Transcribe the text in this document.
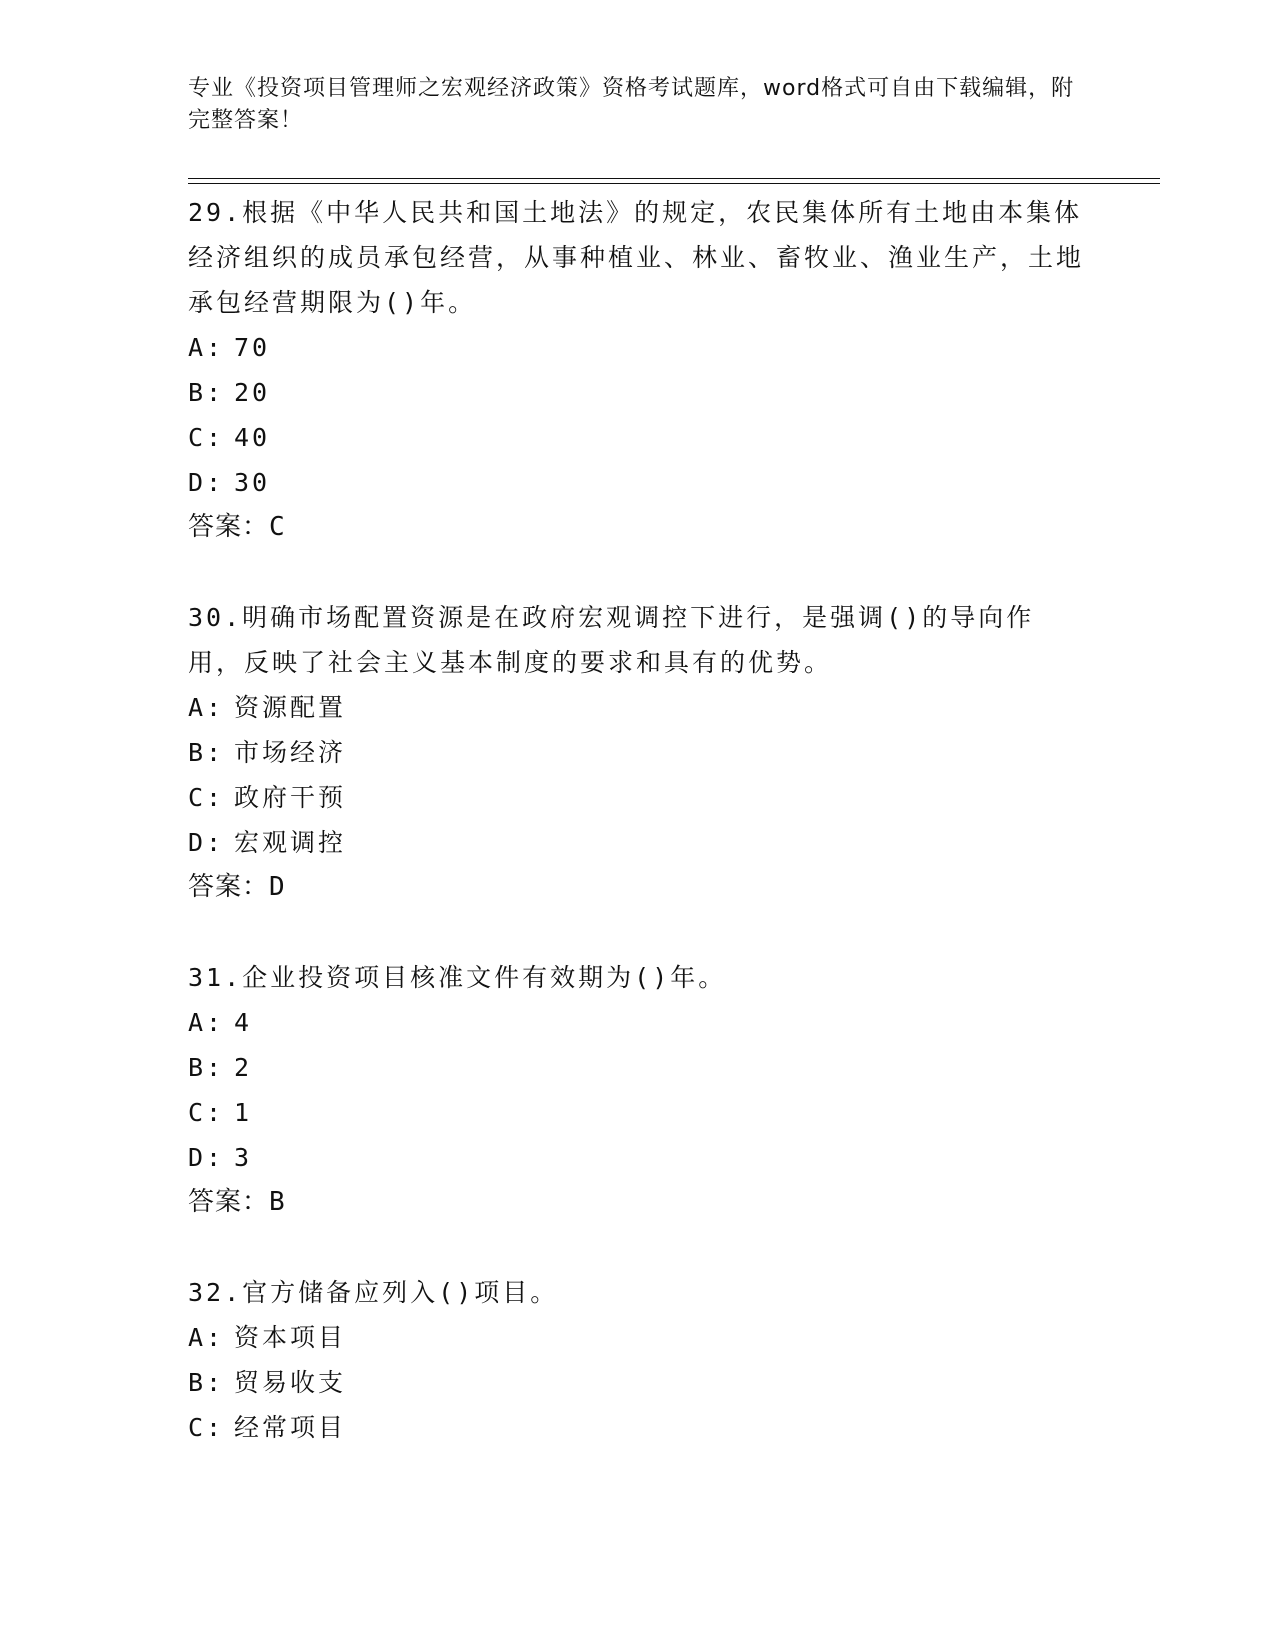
专业《投资项目管理师之宏观经济政策》资格考试题库，word格式可自由下载编辑，附完整答案！
29.根据《中华人民共和国土地法》的规定，农民集体所有土地由本集体经济组织的成员承包经营，从事种植业、林业、畜牧业、渔业生产，土地承包经营期限为()年。
A: 70
B: 20
C: 40
D: 30
答案：C
30.明确市场配置资源是在政府宏观调控下进行，是强调()的导向作用，反映了社会主义基本制度的要求和具有的优势。
A: 资源配置
B: 市场经济
C: 政府干预
D: 宏观调控
答案：D
31.企业投资项目核准文件有效期为()年。
A: 4
B: 2
C: 1
D: 3
答案：B
32.官方储备应列入()项目。
A: 资本项目
B: 贸易收支
C: 经常项目
